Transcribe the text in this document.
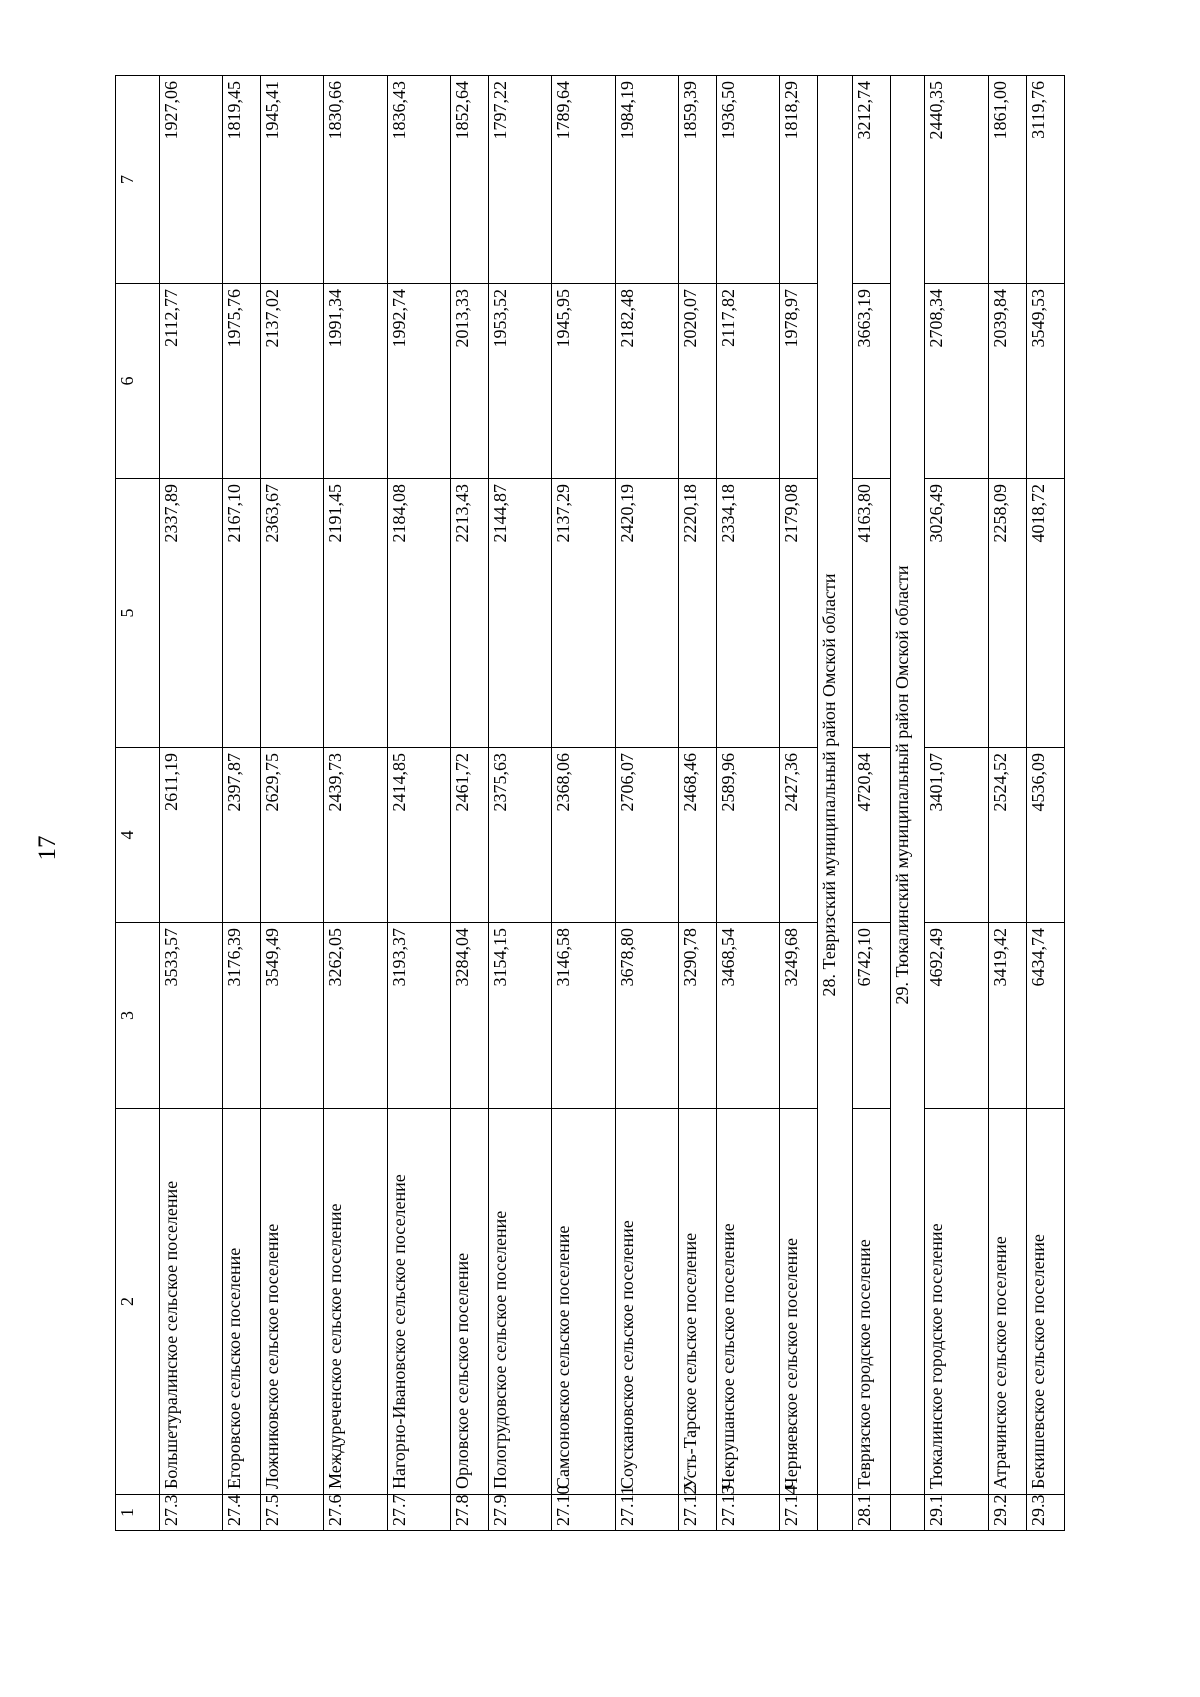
17
1	2	3	4	5	6	7
27.3	Большетуралинское сельское поселение	3533,57	2611,19	2337,89	2112,77	1927,06
27.4	Егоровское сельское поселение	3176,39	2397,87	2167,10	1975,76	1819,45
27.5	Ложниковское сельское поселение	3549,49	2629,75	2363,67	2137,02	1945,41
27.6	Междуреченское сельское поселение	3262,05	2439,73	2191,45	1991,34	1830,66
27.7	Нагорно-Ивановское сельское поселение	3193,37	2414,85	2184,08	1992,74	1836,43
27.8	Орловское сельское поселение	3284,04	2461,72	2213,43	2013,33	1852,64
27.9	Пологрудовское сельское поселение	3154,15	2375,63	2144,87	1953,52	1797,22
27.10	Самсоновское сельское поселение	3146,58	2368,06	2137,29	1945,95	1789,64
27.11	Соускановское сельское поселение	3678,80	2706,07	2420,19	2182,48	1984,19
27.12	Усть-Тарское сельское поселение	3290,78	2468,46	2220,18	2020,07	1859,39
27.13	Чекрушанское сельское поселение	3468,54	2589,96	2334,18	2117,82	1936,50
27.14	Черняевское сельское поселение	3249,68	2427,36	2179,08	1978,97	1818,29
	28. Тевризский муниципальный район Омской области					
28.1	Тевризское городское поселение	6742,10	4720,84	4163,80	3663,19	3212,74
	29. Тюкалинский муниципальный район Омской области					
29.1	Тюкалинское городское поселение	4692,49	3401,07	3026,49	2708,34	2440,35
29.2	Атрачинское сельское поселение	3419,42	2524,52	2258,09	2039,84	1861,00
29.3	Бекишевское сельское поселение	6434,74	4536,09	4018,72	3549,53	3119,76
